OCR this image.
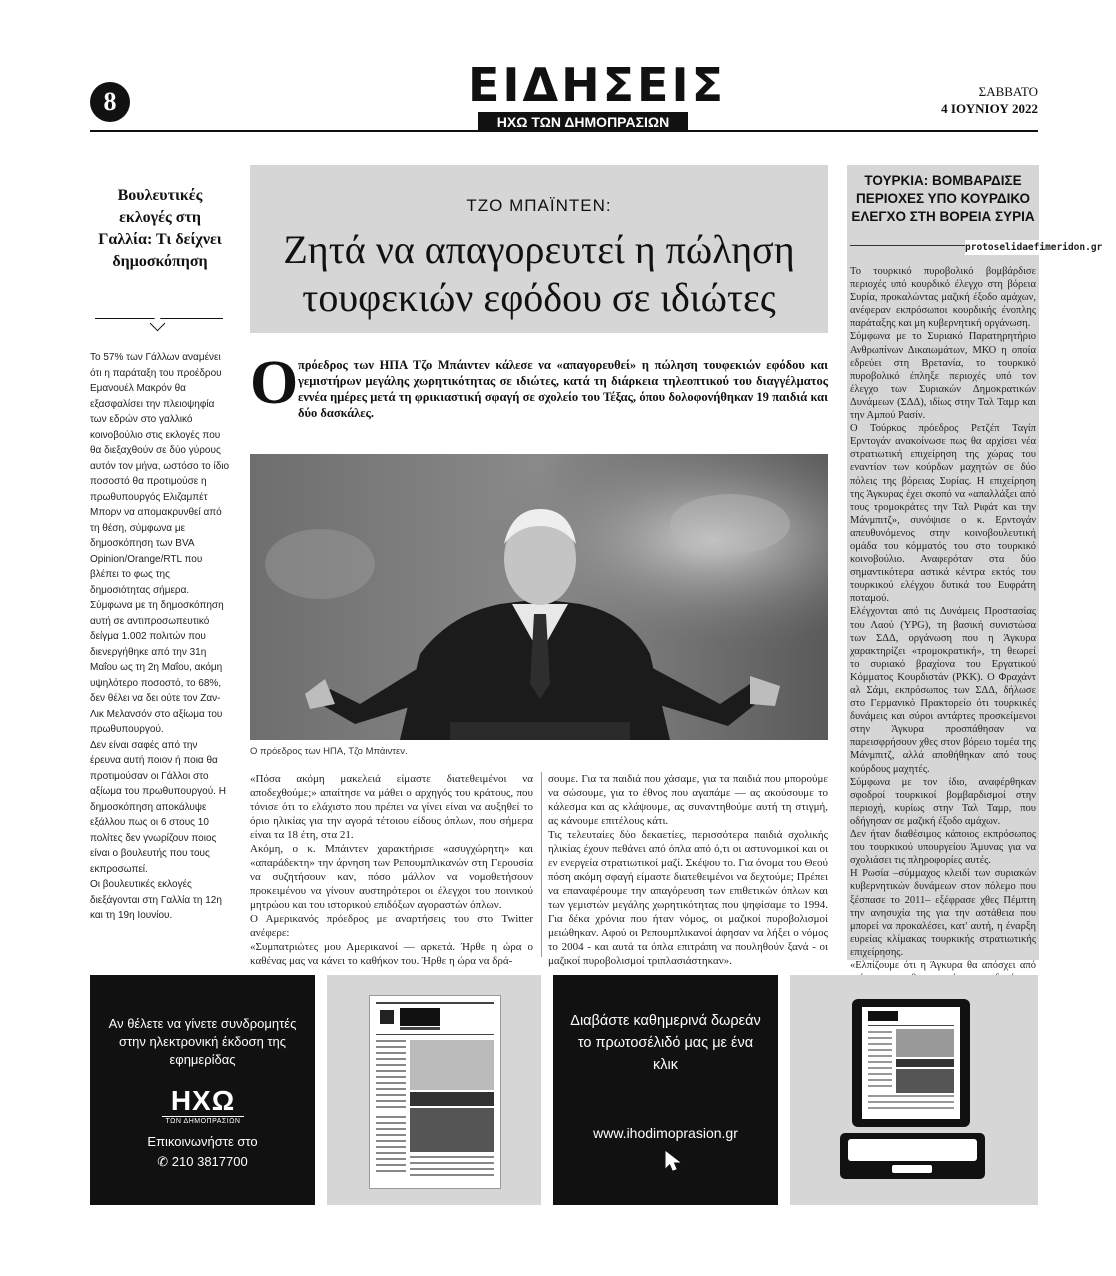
8	ΕΙΔΗΣΕΙΣ
ΗΧΩ ΤΩΝ ΔΗΜΟΠΡΑΣΙΩΝ
ΣΑΒΒΑΤΟ
4 ΙΟΥΝΙΟΥ 2022
Βουλευτικές εκλογές στη Γαλλία: Τι δείχνει δημοσκόπηση

Το 57% των Γάλλων αναμένει ότι η παράταξη του προέδρου Εμανουέλ Μακρόν θα εξασφαλίσει την πλειοψηφία των εδρών στο γαλλικό κοινοβούλιο στις εκλογές που θα διεξαχθούν σε δύο γύρους αυτόν τον μήνα, ωστόσο το ίδιο ποσοστό θα προτιμούσε η πρωθυπουργός Ελιζαμπέτ Μπορν να απομακρυνθεί από τη θέση, σύμφωνα με δημοσκόπηση των BVA Opinion/Orange/RTL που βλέπει το φως της δημοσιότητας σήμερα.

Σύμφωνα με τη δημοσκόπηση αυτή σε αντιπροσωπευτικό δείγμα 1.002 πολιτών που διενεργήθηκε από την 31η Μαΐου ως τη 2η Μαΐου, ακόμη υψηλότερο ποσοστό, το 68%, δεν θέλει να δει ούτε τον Ζαν-Λικ Μελανσόν στο αξίωμα του πρωθυπουργού.

Δεν είναι σαφές από την έρευνα αυτή ποιον ή ποια θα προτιμούσαν οι Γάλλοι στο αξίωμα του πρωθυπουργού. Η δημοσκόπηση αποκάλυψε εξάλλου πως οι 6 στους 10 πολίτες δεν γνωρίζουν ποιος είναι ο βουλευτής που τους εκπροσωπεί.

Οι βουλευτικές εκλογές διεξάγονται στη Γαλλία τη 12η και τη 19η Ιουνίου.

ΤΖΟ ΜΠΑΪΝΤΕΝ:
Ζητά να απαγορευτεί η πώληση τουφεκιών εφόδου σε ιδιώτες
Ο πρόεδρος των ΗΠΑ Τζο Μπάιντεν κάλεσε να «απαγορευθεί» η πώληση τουφεκιών εφόδου και γεμιστήρων μεγάλης χωρητικότητας σε ιδιώτες, κατά τη διάρκεια τηλεοπτικού του διαγγέλματος εννέα ημέρες μετά τη φρικιαστική σφαγή σε σχολείο του Τέξας, όπου δολοφονήθηκαν 19 παιδιά και δύο δασκάλες.
Ο πρόεδρος των ΗΠΑ, Τζο Μπάιντεν.

«Πόσα ακόμη μακελειά είμαστε διατεθειμένοι να αποδεχθούμε;» απαίτησε να μάθει ο αρχηγός του κράτους, που τόνισε ότι το ελάχιστο που πρέπει να γίνει είναι να αυξηθεί το όριο ηλικίας για την αγορά τέτοιου είδους όπλων, που σήμερα είναι τα 18 έτη, στα 21.

Ακόμη, ο κ. Μπάιντεν χαρακτήρισε «ασυγχώρητη» και «απαράδεκτη» την άρνηση των Ρεπουμπλικανών στη Γερουσία να συζητήσουν καν, πόσο μάλλον να νομοθετήσουν προκειμένου να γίνουν αυστηρότεροι οι έλεγχοι του ποινικού μητρώου και του ιστορικού επιδόξων αγοραστών όπλων.

Ο Αμερικανός πρόεδρος με αναρτήσεις του στο Twitter ανέφερε:

«Συμπατριώτες μου Αμερικανοί — αρκετά. Ήρθε η ώρα ο καθένας μας να κάνει το καθήκον του. Ήρθε η ώρα να δρά-

σουμε. Για τα παιδιά που χάσαμε, για τα παιδιά που μπορούμε να σώσουμε, για το έθνος που αγαπάμε — ας ακούσουμε το κάλεσμα και ας κλάψουμε, ας συναντηθούμε αυτή τη στιγμή, ας κάνουμε επιτέλους κάτι.

Τις τελευταίες δύο δεκαετίες, περισσότερα παιδιά σχολικής ηλικίας έχουν πεθάνει από όπλα από ό,τι οι αστυνομικοί και οι εν ενεργεία στρατιωτικοί μαζί. Σκέψου το. Για όνομα του Θεού πόση ακόμη σφαγή είμαστε διατεθειμένοι να δεχτούμε; Πρέπει να επαναφέρουμε την απαγόρευση των επιθετικών όπλων και των γεμιστών μεγάλης χωρητικότητας που ψηφίσαμε το 1994. Για δέκα χρόνια που ήταν νόμος, οι μαζικοί πυροβολισμοί μειώθηκαν. Αφού οι Ρεπουμπλικανοί άφησαν να λήξει ο νόμος το 2004 - και αυτά τα όπλα επιτράπη να πουληθούν ξανά - οι μαζικοί πυροβολισμοί τριπλασιάστηκαν».

ΤΟΥΡΚΙΑ: ΒΟΜΒΑΡΔΙΣΕ ΠΕΡΙΟΧΕΣ ΥΠΟ ΚΟΥΡΔΙΚΟ ΕΛΕΓΧΟ ΣΤΗ ΒΟΡΕΙΑ ΣΥΡΙΑ
protoselidaefimeridon.gr

Το τουρκικό πυροβολικό βομβάρδισε περιοχές υπό κουρδικό έλεγχο στη βόρεια Συρία, προκαλώντας μαζική έξοδο αμάχων, ανέφεραν εκπρόσωποι κουρδικής ένοπλης παράταξης και μη κυβερνητική οργάνωση.

Σύμφωνα με το Συριακό Παρατηρητήριο Ανθρωπίνων Δικαιωμάτων, ΜΚΟ η οποία εδρεύει στη Βρετανία, το τουρκικό πυροβολικό έπληξε περιοχές υπό τον έλεγχο των Συριακών Δημοκρατικών Δυνάμεων (ΣΔΔ), ιδίως στην Ταλ Ταμρ και την Αμπού Ρασίν.

Ο Τούρκος πρόεδρος Ρετζέπ Ταγίπ Ερντογάν ανακοίνωσε πως θα αρχίσει νέα στρατιωτική επιχείρηση της χώρας του εναντίον των κούρδων μαχητών σε δύο πόλεις της βόρειας Συρίας. Η επιχείρηση της Άγκυρας έχει σκοπό να «απαλλάξει από τους τρομοκράτες την Ταλ Ριφάτ και την Μάνμπιτζ», συνόψισε ο κ. Ερντογάν απευθυνόμενος στην κοινοβουλευτική ομάδα του κόμματός του στο τουρκικό κοινοβούλιο. Αναφερόταν στα δύο σημαντικότερα αστικά κέντρα εκτός του τουρκικού ελέγχου δυτικά του Ευφράτη ποταμού.

Ελέγχονται από τις Δυνάμεις Προστασίας του Λαού (YPG), τη βασική συνιστώσα των ΣΔΔ, οργάνωση που η Άγκυρα χαρακτηρίζει «τρομοκρατική», τη θεωρεί το συριακό βραχίονα του Εργατικού Κόμματος Κουρδιστάν (PKK). Ο Φραχάντ αλ Σάμι, εκπρόσωπος των ΣΔΔ, δήλωσε στο Γερμανικό Πρακτορείο ότι τουρκικές δυνάμεις και σύροι αντάρτες προσκείμενοι στην Άγκυρα προσπάθησαν να παρεισφρήσουν χθες στον βόρειο τομέα της Μάνμπιτζ, αλλά αποθήθηκαν από τους κούρδους μαχητές.

Σύμφωνα με τον ίδιο, αναφέρθηκαν σφοδροί τουρκικοί βομβαρδισμοί στην περιοχή, κυρίως στην Ταλ Ταμρ, που οδήγησαν σε μαζική έξοδο αμάχων.

Δεν ήταν διαθέσιμος κάποιος εκπρόσωπος του τουρκικού υπουργείου Άμυνας για να σχολιάσει τις πληροφορίες αυτές.

Η Ρωσία –σύμμαχος κλειδί των συριακών κυβερνητικών δυνάμεων στον πόλεμο που ξέσπασε το 2011– εξέφρασε χθες Πέμπτη την ανησυχία της για την αστάθεια που μπορεί να προκαλέσει, κατ' αυτή, η έναρξη ευρείας κλίμακας τουρκικής στρατιωτικής επιχείρησης.

«Ελπίζουμε ότι η Άγκυρα θα απόσχει από

Αν θέλετε να γίνετε συνδρομητές στην ηλεκτρονική έκδοση της εφημερίδας
ΗΧΩ
ΤΩΝ ΔΗΜΟΠΡΑΣΙΩΝ
Επικοινωνήστε στο
✆ 210 3817700
Διαβάστε καθημερινά δωρεάν το πρωτοσέλιδό μας με ένα κλικ
www.ihodimoprasion.gr
